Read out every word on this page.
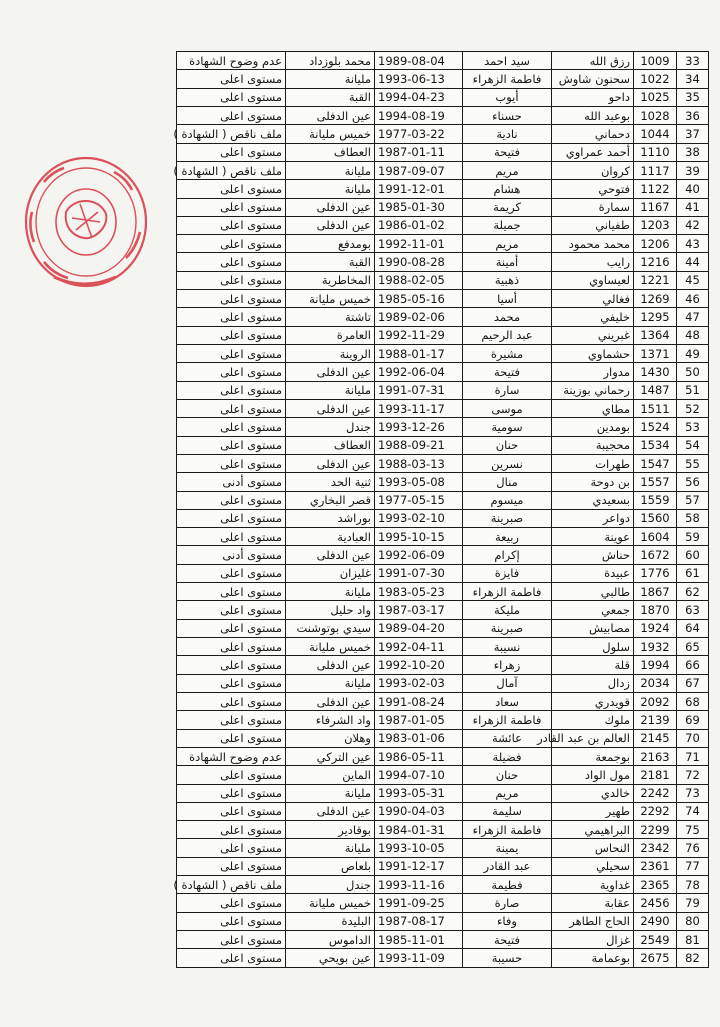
عدم وضوح الشهادة	محمد بلوزداد	1989-08-04	سيد احمد	رزق الله	1009	33
مستوى اعلى	مليانة	1993-06-13	فاطمة الزهراء	سحنون شاوش	1022	34
مستوى اعلى	القبة	1994-04-23	أيوب	داحو	1025	35
مستوى اعلى	عين الدفلى	1994-08-19	حسناء	بوعبد الله	1028	36
ملف ناقص ( الشهادة )	خميس مليانة	1977-03-22	نادية	دحماني	1044	37
مستوى اعلى	العطاف	1987-01-11	فتيحة	أحمد عمراوي	1110	38
ملف ناقص ( الشهادة )	مليانة	1987-09-07	مريم	كروان	1117	39
مستوى اعلى	مليانة	1991-12-01	هشام	فتوحي	1122	40
مستوى اعلى	عين الدفلى	1985-01-30	كريمة	سمارة	1167	41
مستوى اعلى	عين الدفلى	1986-01-02	جميلة	طفياني	1203	42
مستوى اعلى	بومدفع	1992-11-01	مريم	محمد محمود	1206	43
مستوى اعلى	القبة	1990-08-28	أمينة	رايب	1216	44
مستوى اعلى	المخاطرية	1988-02-05	ذهبية	لعيساوي	1221	45
مستوى اعلى	خميس مليانة	1985-05-16	أسيا	فغالي	1269	46
مستوى اعلى	تاشتة	1989-02-06	محمد	خليفي	1295	47
مستوى اعلى	العامرة	1992-11-29	عبد الرحيم	غبريني	1364	48
مستوى اعلى	الروينة	1988-01-17	مشيرة	حشماوي	1371	49
مستوى اعلى	عين الدفلى	1992-06-04	فتيحة	مدوار	1430	50
مستوى اعلى	مليانة	1991-07-31	سارة	رحماني بوزينة	1487	51
مستوى اعلى	عين الدفلى	1993-11-17	موسى	مطاي	1511	52
مستوى اعلى	جندل	1993-12-26	سومية	بومدين	1524	53
مستوى اعلى	العطاف	1988-09-21	حنان	محجيبة	1534	54
مستوى اعلى	عين الدفلى	1988-03-13	نسرين	طهرات	1547	55
مستوى أدنى	ثنية الحد	1993-05-08	منال	بن دوحة	1557	56
مستوى اعلى	قصر البخاري	1977-05-15	ميسوم	بسعيدي	1559	57
مستوى اعلى	بوراشد	1993-02-10	صبرينة	دواعر	1560	58
مستوى اعلى	العبادية	1995-10-15	ربيعة	عوينة	1604	59
مستوى أدنى	عين الدفلى	1992-06-09	إكرام	حناش	1672	60
مستوى اعلى	غليزان	1991-07-30	فايزة	عبيدة	1776	61
مستوى اعلى	مليانة	1983-05-23	فاطمة الزهراء	طالبي	1867	62
مستوى اعلى	واد حليل	1987-03-17	مليكة	جمعي	1870	63
مستوى اعلى	سيدي بوتوشنت	1989-04-20	صبرينة	مصابيش	1924	64
مستوى اعلى	خميس مليانة	1992-04-11	نسيبة	سلول	1932	65
مستوى اعلى	عين الدفلى	1992-10-20	زهراء	قلة	1994	66
مستوى اعلى	مليانة	1993-02-03	آمال	زدال	2034	67
مستوى اعلى	عين الدفلى	1991-08-24	سعاد	قويدري	2092	68
مستوى اعلى	واد الشرفاء	1987-01-05	فاطمة الزهراء	ملوك	2139	69
مستوى اعلى	وهلان	1983-01-06	عائشة	العالم بن عبد القادر	2145	70
عدم وضوح الشهادة	عين التركي	1986-05-11	فضيلة	بوجمعة	2163	71
مستوى اعلى	الماين	1994-07-10	حنان	مول الواد	2181	72
مستوى اعلى	مليانة	1993-05-31	مريم	خالدي	2242	73
مستوى اعلى	عين الدفلى	1990-04-03	سليمة	طهير	2292	74
مستوى اعلى	بوقادير	1984-01-31	فاطمة الزهراء	البراهيمي	2299	75
مستوى اعلى	مليانة	1993-10-05	يمينة	النحاس	2342	76
مستوى اعلى	بلعاص	1991-12-17	عبد القادر	سحيلي	2361	77
ملف ناقص ( الشهادة )	جندل	1993-11-16	فطيمة	غداوية	2365	78
مستوى اعلى	خميس مليانة	1991-09-25	صارة	عقابة	2456	79
مستوى اعلى	البليدة	1987-08-17	وفاء	الحاج الطاهر	2490	80
مستوى اعلى	الداموس	1985-11-01	فتيحة	غزال	2549	81
مستوى اعلى	عين بويحي	1993-11-09	حسيبة	بوعمامة	2675	82
